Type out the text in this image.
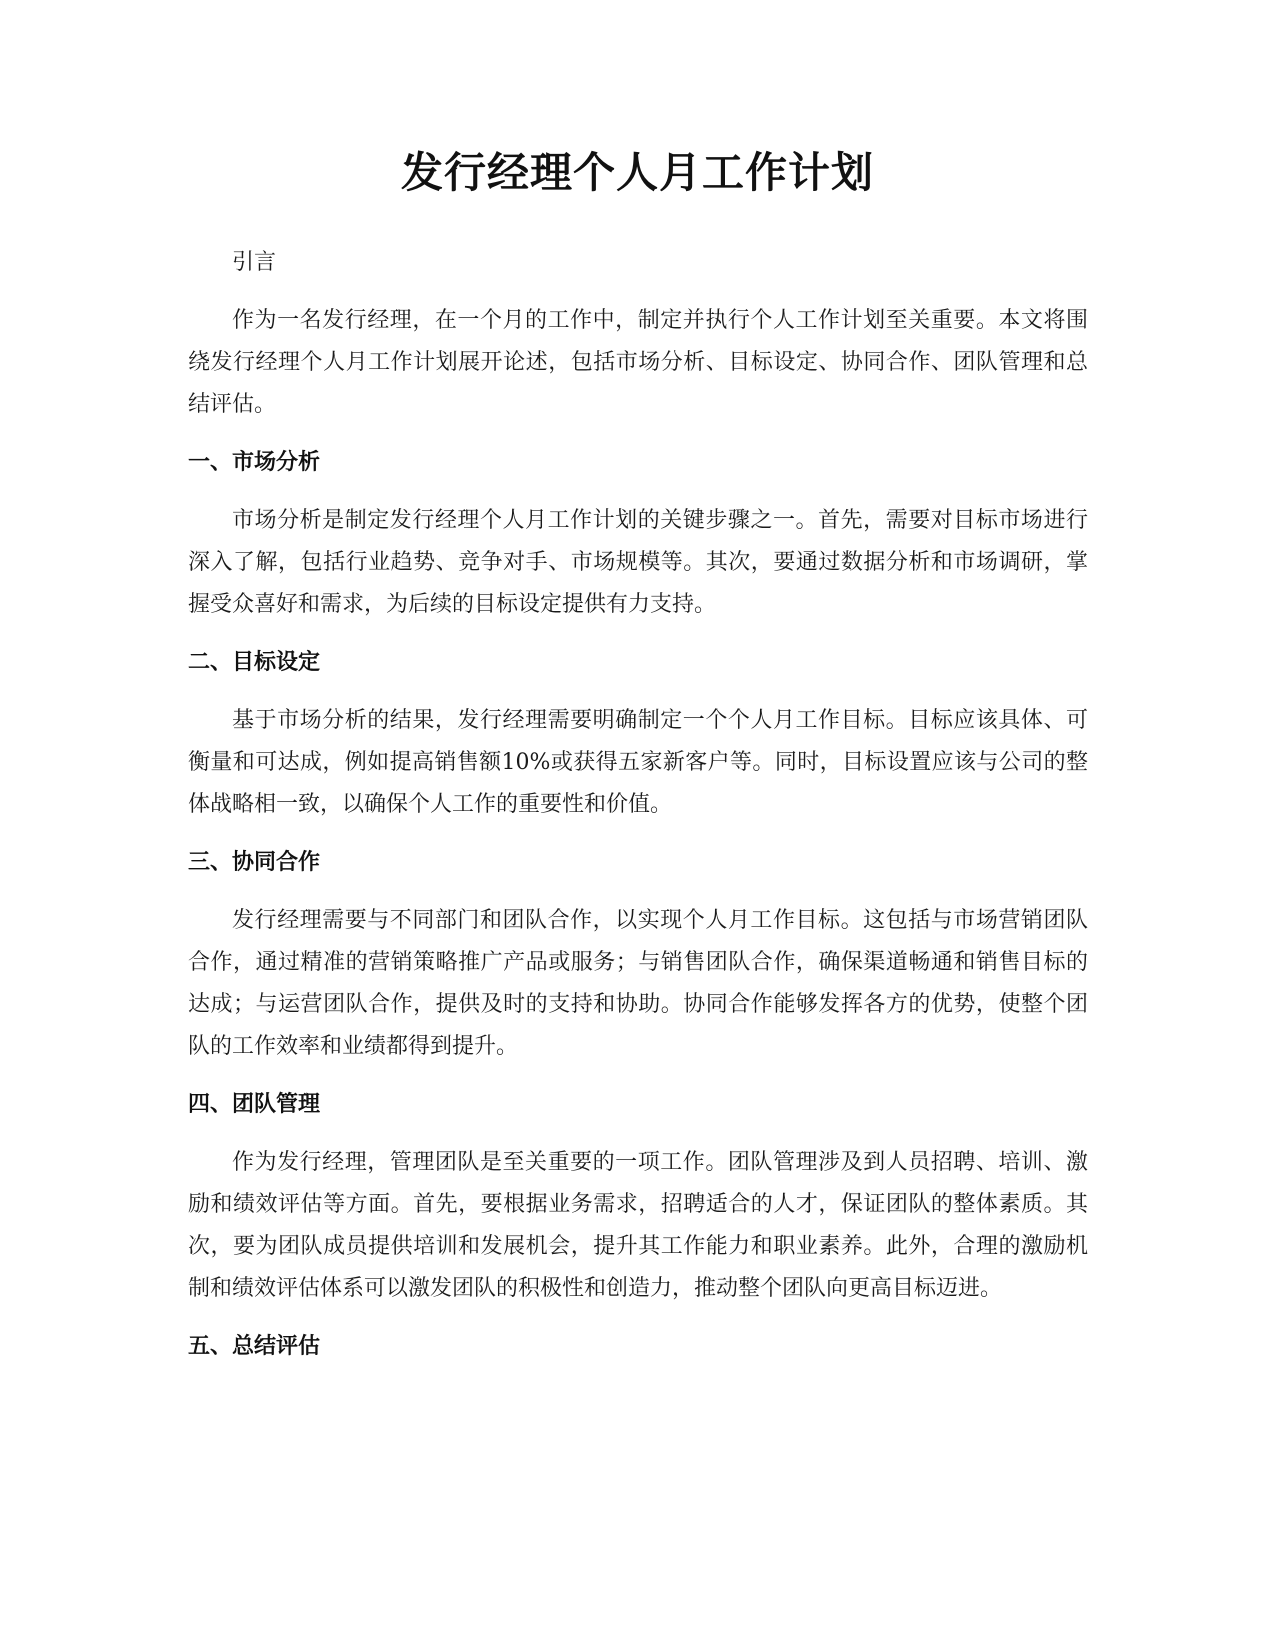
发行经理个人月工作计划

引言

作为一名发行经理，在一个月的工作中，制定并执行个人工作计划至关重要。本文将围绕发行经理个人月工作计划展开论述，包括市场分析、目标设定、协同合作、团队管理和总结评估。

一、市场分析

市场分析是制定发行经理个人月工作计划的关键步骤之一。首先，需要对目标市场进行深入了解，包括行业趋势、竞争对手、市场规模等。其次，要通过数据分析和市场调研，掌握受众喜好和需求，为后续的目标设定提供有力支持。

二、目标设定

基于市场分析的结果，发行经理需要明确制定一个个人月工作目标。目标应该具体、可衡量和可达成，例如提高销售额10%或获得五家新客户等。同时，目标设置应该与公司的整体战略相一致，以确保个人工作的重要性和价值。

三、协同合作

发行经理需要与不同部门和团队合作，以实现个人月工作目标。这包括与市场营销团队合作，通过精准的营销策略推广产品或服务；与销售团队合作，确保渠道畅通和销售目标的达成；与运营团队合作，提供及时的支持和协助。协同合作能够发挥各方的优势，使整个团队的工作效率和业绩都得到提升。

四、团队管理

作为发行经理，管理团队是至关重要的一项工作。团队管理涉及到人员招聘、培训、激励和绩效评估等方面。首先，要根据业务需求，招聘适合的人才，保证团队的整体素质。其次，要为团队成员提供培训和发展机会，提升其工作能力和职业素养。此外，合理的激励机制和绩效评估体系可以激发团队的积极性和创造力，推动整个团队向更高目标迈进。

五、总结评估
